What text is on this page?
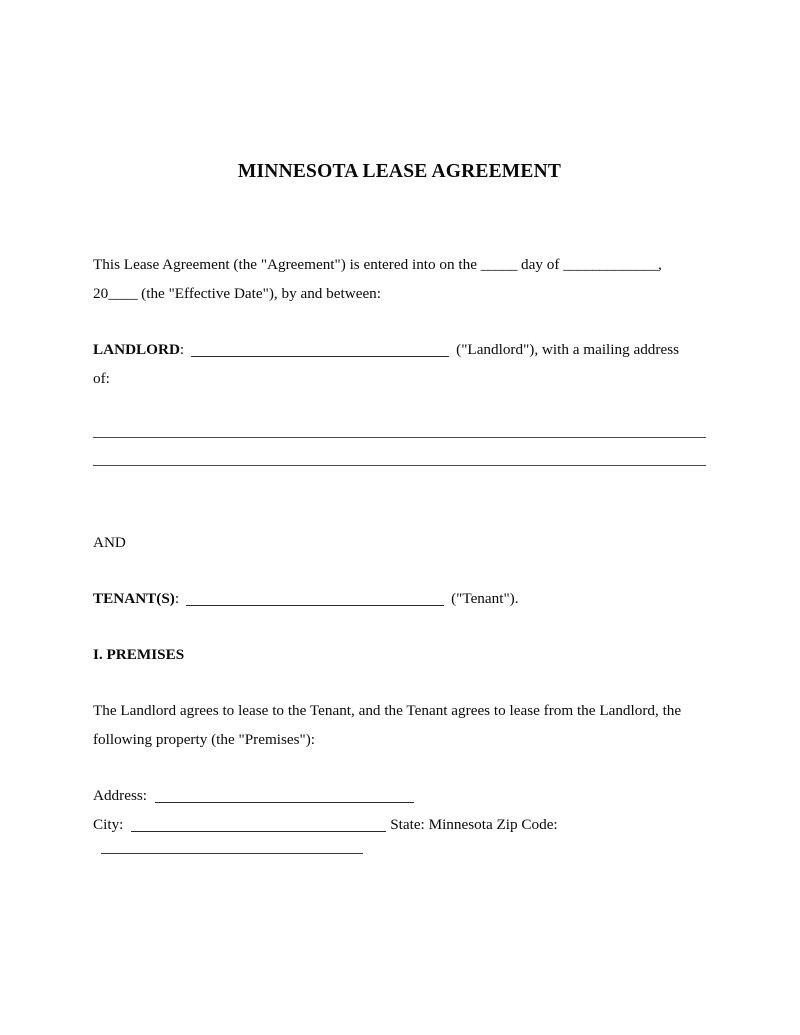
MINNESOTA LEASE AGREEMENT

This Lease Agreement (the "Agreement") is entered into on the _____ day of _____________,
20____ (the "Effective Date"), by and between:

LANDLORD:	("Landlord"), with a mailing address
of:

AND

TENANT(S):	("Tenant").

I. PREMISES

The Landlord agrees to lease to the Tenant, and the Tenant agrees to lease from the Landlord, the
following property (the "Premises"):

Address:

City:	State: Minnesota Zip Code:
